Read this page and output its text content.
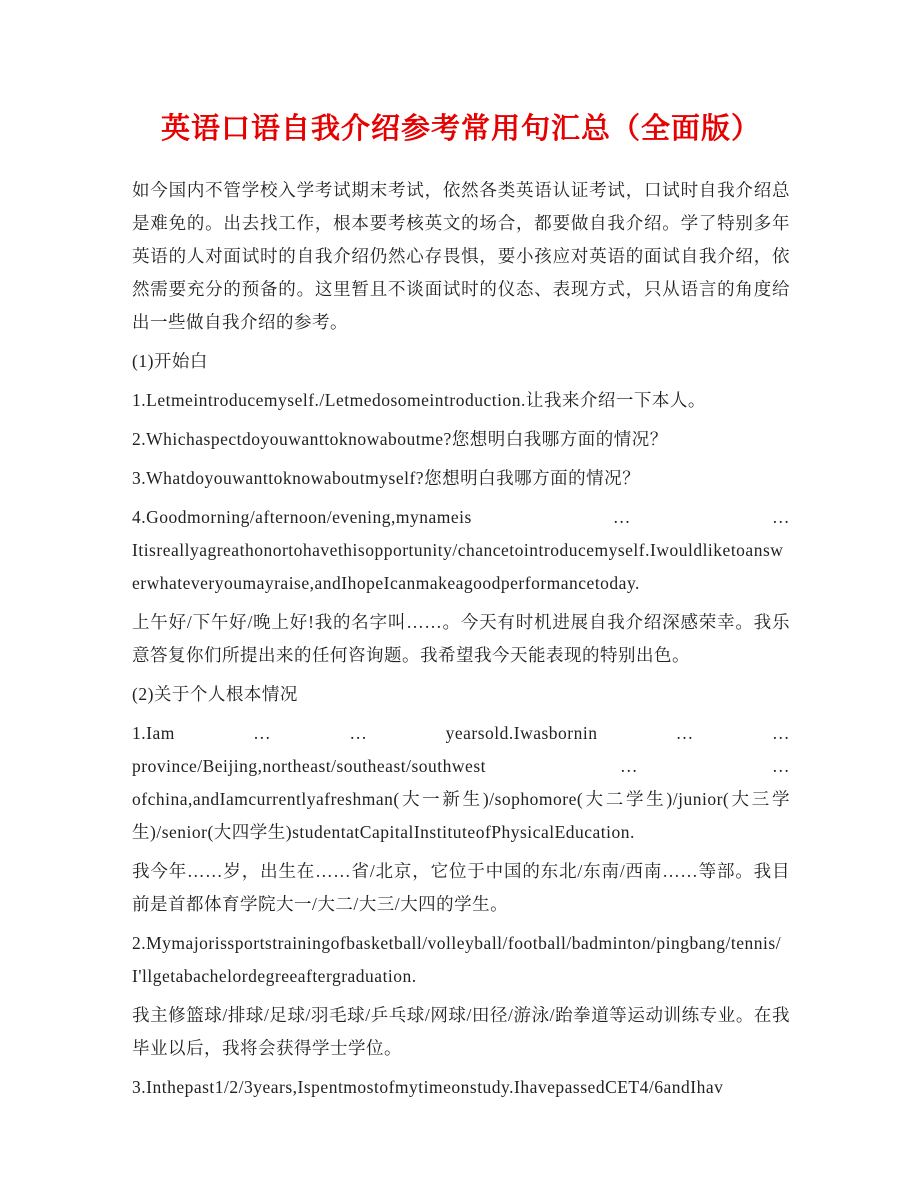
英语口语自我介绍参考常用句汇总（全面版）

如今国内不管学校入学考试期末考试，依然各类英语认证考试，口试时自我介绍总是难免的。出去找工作，根本要考核英文的场合，都要做自我介绍。学了特别多年英语的人对面试时的自我介绍仍然心存畏惧，要小孩应对英语的面试自我介绍，依然需要充分的预备的。这里暂且不谈面试时的仪态、表现方式，只从语言的角度给出一些做自我介绍的参考。

(1)开始白

1.Letmeintroducemyself./Letmedosomeintroduction.让我来介绍一下本人。

2.Whichaspectdoyouwanttoknowaboutme?您想明白我哪方面的情况？

3.Whatdoyouwanttoknowaboutmyself?您想明白我哪方面的情况？

4.Goodmorning/afternoon/evening,mynameis … …

Itisreallyagreathonortohavethisopportunity/chancetointroducemyself.Iwouldliketoanswerwhateveryoumayraise,andIhopeIcanmakeagoodperformancetoday.

上午好/下午好/晚上好!我的名字叫……。今天有时机进展自我介绍深感荣幸。我乐意答复你们所提出来的任何咨询题。我希望我今天能表现的特别出色。

(2)关于个人根本情况

1.Iam … … yearsold.Iwasbornin … …

province/Beijing,northeast/southeast/southwest … …

ofchina,andIamcurrentlyafreshman(大一新生)/sophomore(大二学生)/junior(大三学生)/senior(大四学生)studentatCapitalInstituteofPhysicalEducation.

我今年……岁，出生在……省/北京，它位于中国的东北/东南/西南……等部。我目前是首都体育学院大一/大二/大三/大四的学生。

2.Mymajorissportstrainingofbasketball/volleyball/football/badminton/pingbang/tennis/I'llgetabachelordegreeaftergraduation.

我主修篮球/排球/足球/羽毛球/乒乓球/网球/田径/游泳/跆拳道等运动训练专业。在我毕业以后，我将会获得学士学位。

3.Inthepast1/2/3years,Ispentmostofmytimeonstudy.IhavepassedCET4/6andIhav
